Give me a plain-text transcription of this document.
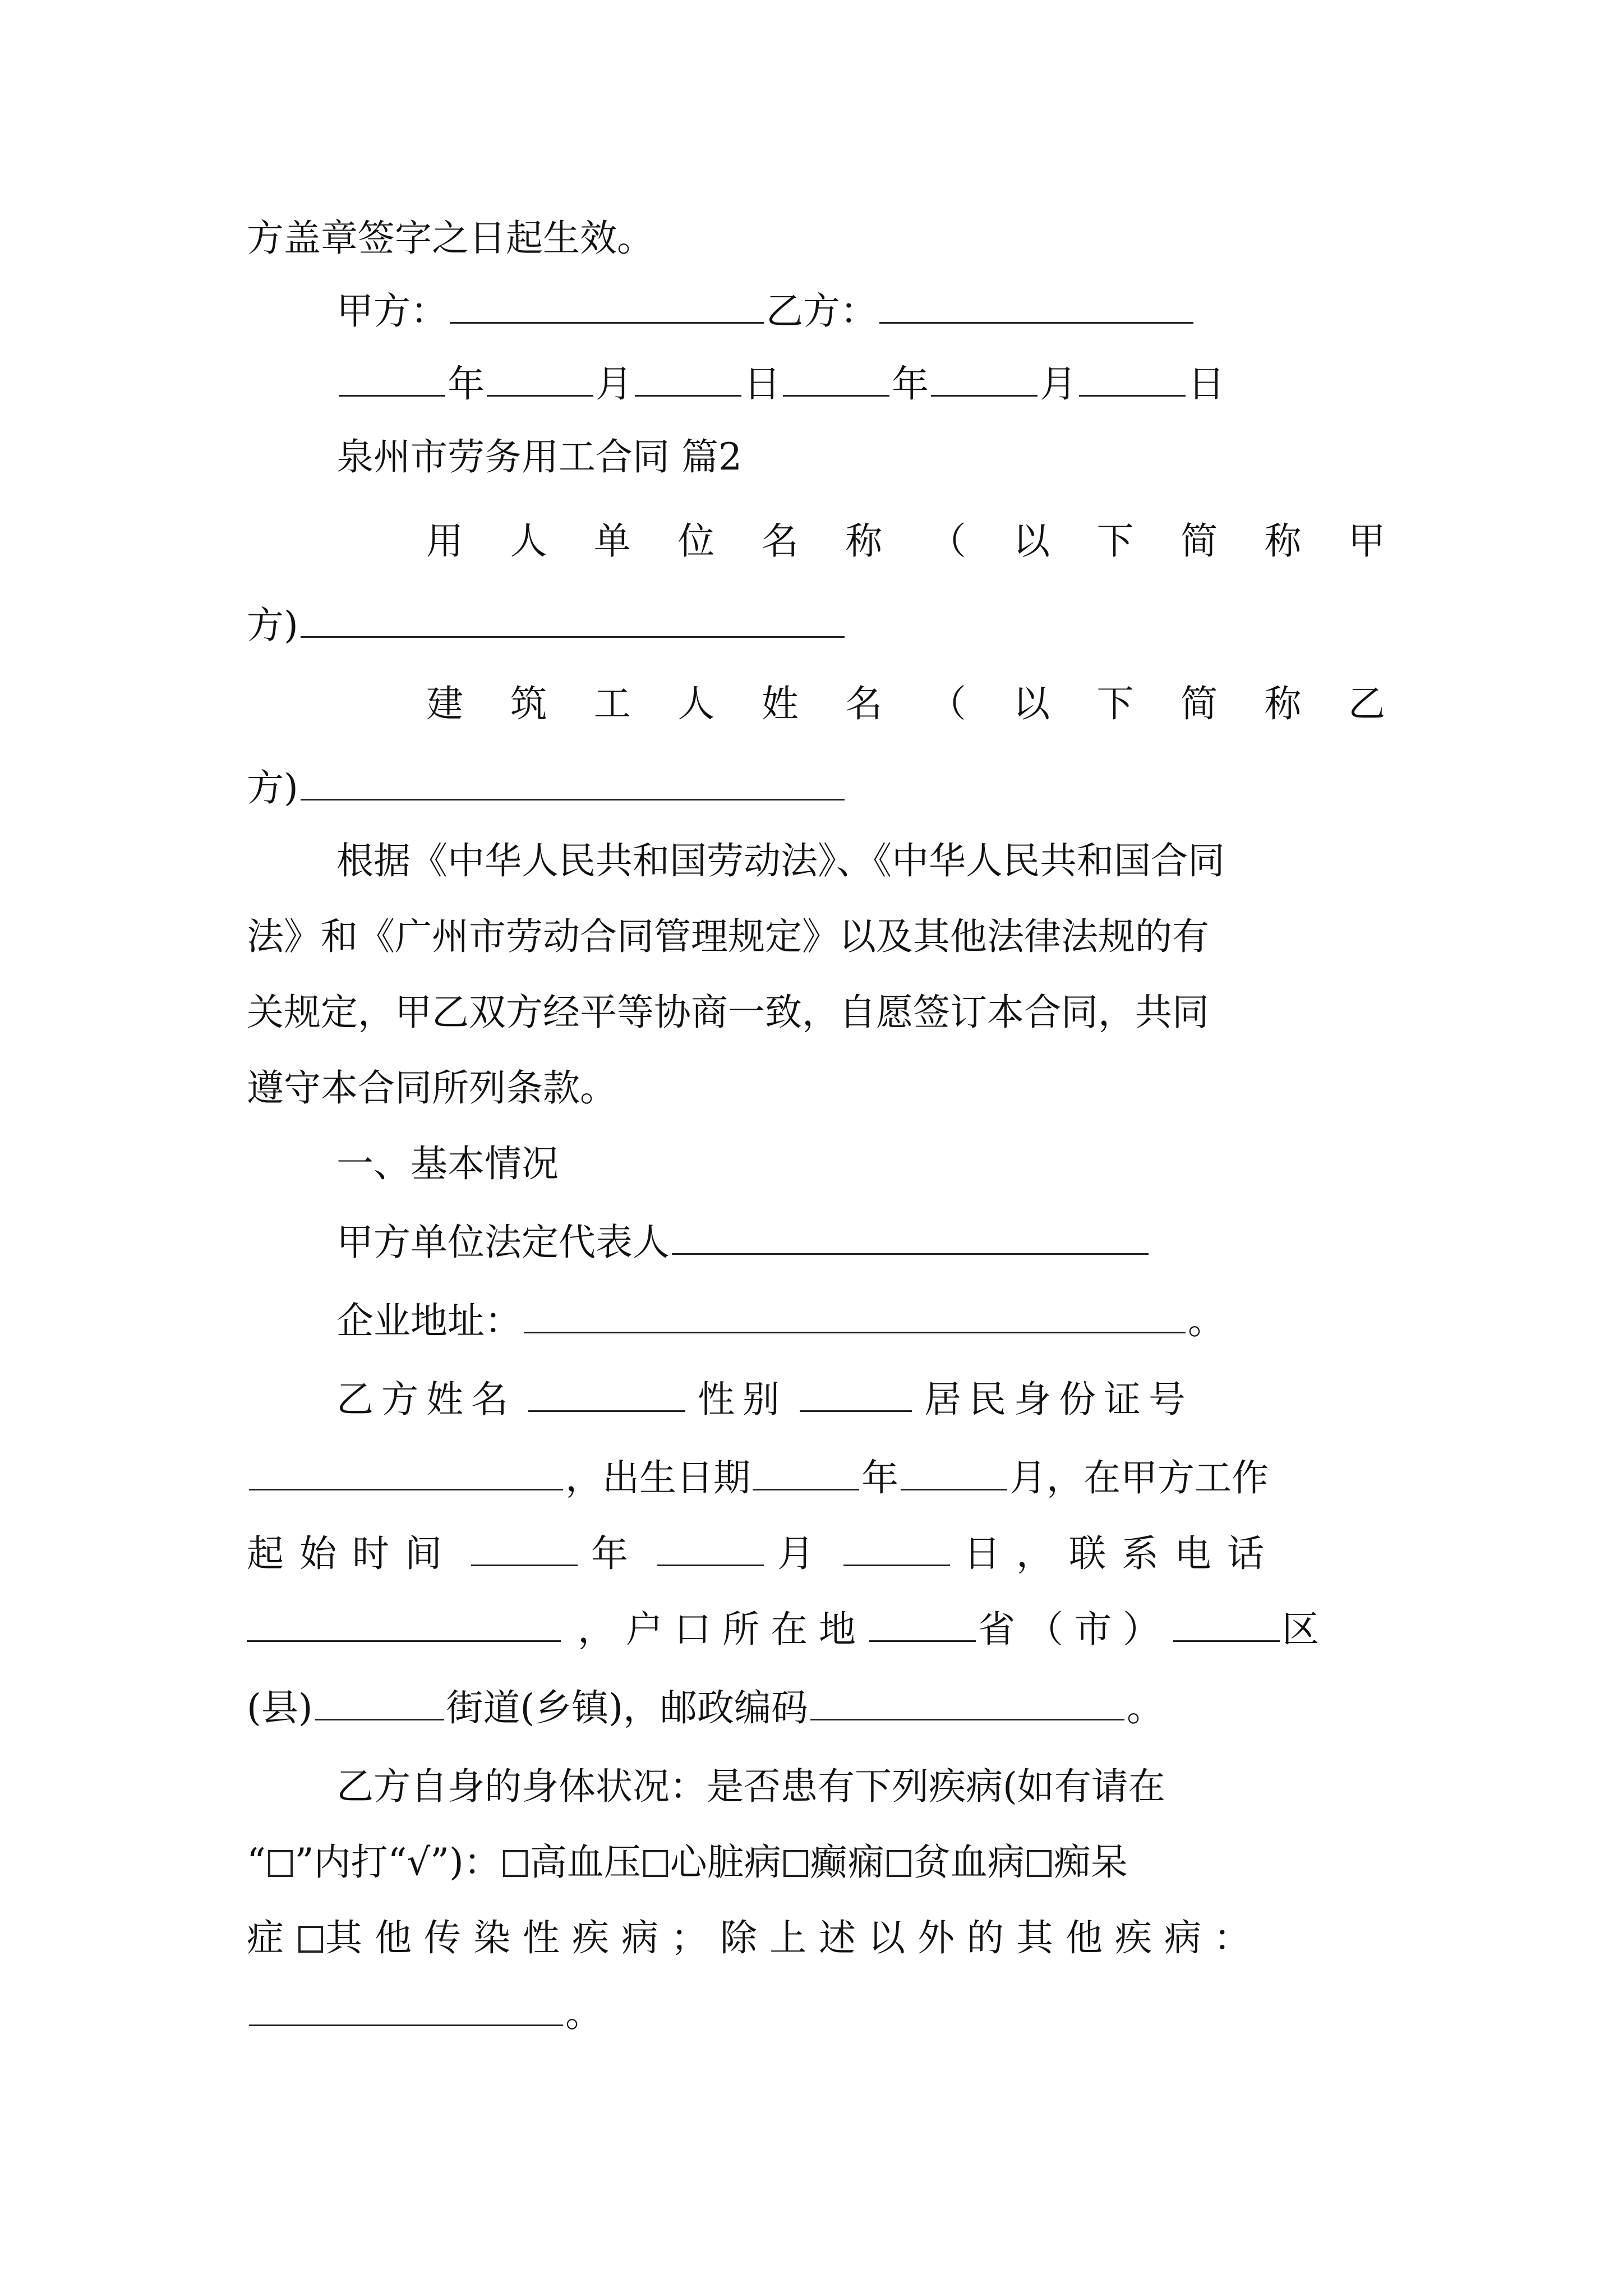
方盖章签字之日起生效。
甲方：	乙方：
年	月	日	年	月	日
泉州市劳务用工合同 篇2
用 人 单 位 名 称 （ 以 下 简 称 甲
方)
建 筑 工 人 姓 名 （ 以 下 简 称 乙
方)
根据《中华人民共和国劳动法》、《中华人民共和国合同
法》和《广州市劳动合同管理规定》以及其他法律法规的有
关规定，甲乙双方经平等协商一致，自愿签订本合同，共同
遵守本合同所列条款。
一、基本情况
甲方单位法定代表人
企业地址：	。
乙方姓名	性别	居民身份证号
，出生日期	年	月，在甲方工作
起始时间	年	月	日，联系电话
，户口所在地	省（市）	区
(县)	街道(乡镇)，邮政编码	。
乙方自身的身体状况：是否患有下列疾病(如有请在
“ ”内打“√”)： 高血压 心脏病 癫痫 贫血病 痴呆
症 其他传染性疾病；除上述以外的其他疾病：
。
